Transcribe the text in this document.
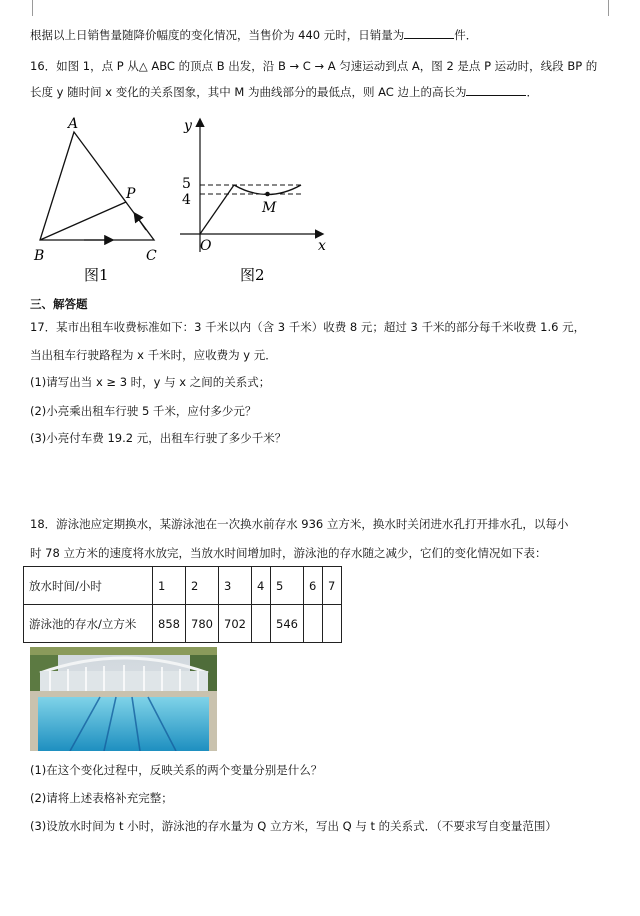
根据以上日销售量随降价幅度的变化情况，当售价为 440 元时，日销量为	件．
16．如图 1，点 P 从△ ABC 的顶点 B 出发，沿 B → C → A 匀速运动到点 A，图 2 是点 P 运动时，线段 BP 的
长度 y 随时间 x 变化的关系图象，其中 M 为曲线部分的最低点，则 AC 边上的高长为	．
A
B	C
P
图1
y
x
O
5
4	M
图2
三、解答题
17．某市出租车收费标准如下：3 千米以内（含 3 千米）收费 8 元；超过 3 千米的部分每千米收费 1.6 元，
当出租车行驶路程为 x 千米时，应收费为 y 元．
(1)请写出当 x ≥ 3 时，y 与 x 之间的关系式；
(2)小亮乘出租车行驶 5 千米，应付多少元？
(3)小亮付车费 19.2 元，出租车行驶了多少千米？
18．游泳池应定期换水，某游泳池在一次换水前存水 936 立方米，换水时关闭进水孔打开排水孔，以每小
时 78 立方米的速度将水放完，当放水时间增加时，游泳池的存水随之减少，它们的变化情况如下表：
放水时间/小时	1	2	3	4	5	6	7
游泳池的存水/立方米	858	780	702		546		
(1)在这个变化过程中，反映关系的两个变量分别是什么？
(2)请将上述表格补充完整；
(3)设放水时间为 t 小时，游泳池的存水量为 Q 立方米，写出 Q 与 t 的关系式．（不要求写自变量范围）
